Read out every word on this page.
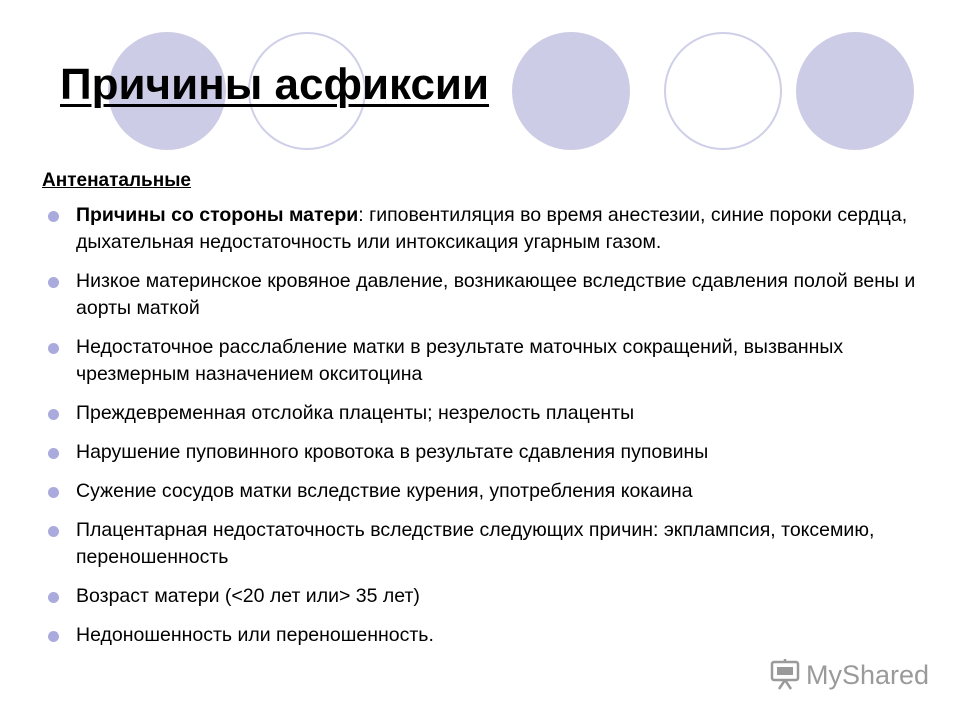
Причины асфиксии
Антенатальные
Причины со стороны матери: гиповентиляция во время анестезии, синие пороки сердца, дыхательная недостаточность или интоксикация угарным газом.
Низкое материнское кровяное давление, возникающее вследствие сдавления полой вены и аорты маткой
Недостаточное расслабление матки в результате маточных сокращений, вызванных чрезмерным назначением окситоцина
Преждевременная отслойка плаценты; незрелость плаценты
Нарушение пуповинного кровотока в результате сдавления пуповины
Сужение сосудов матки вследствие курения, употребления кокаина
Плацентарная недостаточность вследствие следующих причин: экплампсия, токсемию, переношенность
Возраст матери (<20 лет или> 35 лет)
Недоношенность или переношенность.
MyShared
